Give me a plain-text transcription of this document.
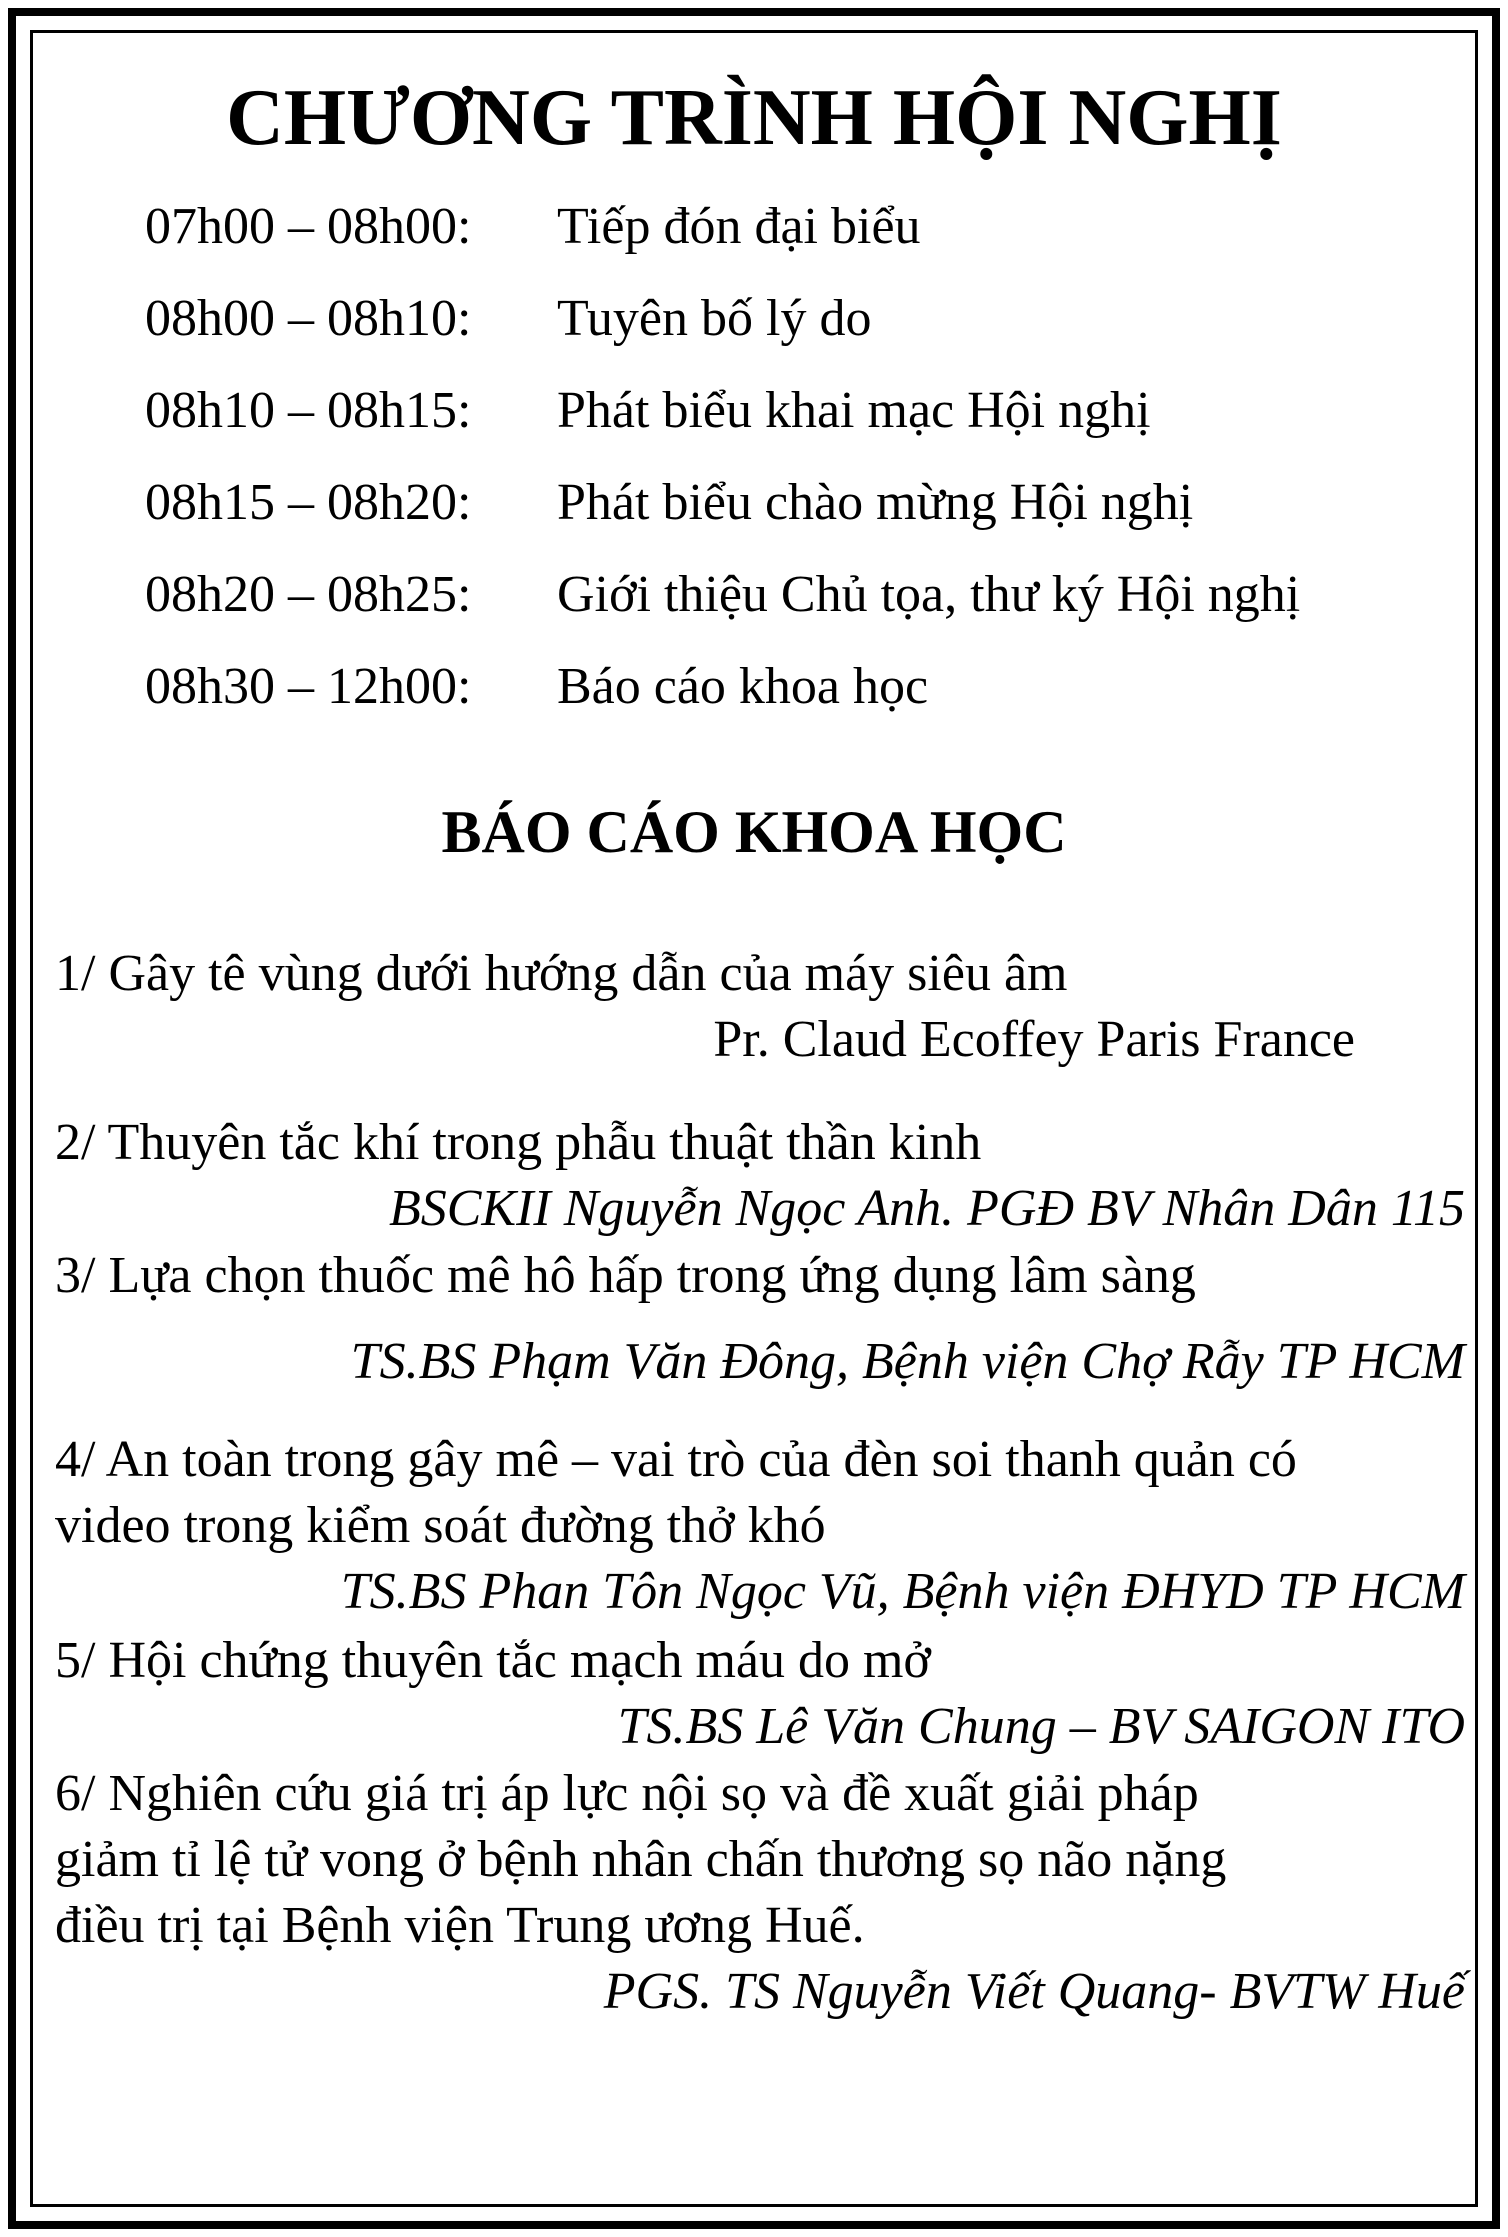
CHƯƠNG TRÌNH HỘI NGHỊ
07h00 – 08h00:	Tiếp đón đại biểu
08h00 – 08h10:	Tuyên bố lý do
08h10 – 08h15:	Phát biểu khai mạc Hội nghị
08h15 – 08h20:	Phát biểu chào mừng Hội nghị
08h20 – 08h25:	Giới thiệu Chủ tọa, thư ký Hội nghị
08h30 – 12h00:	Báo cáo khoa học
BÁO CÁO KHOA HỌC
1/ Gây tê vùng dưới hướng dẫn của máy siêu âm
Pr. Claud Ecoffey Paris France
2/ Thuyên tắc khí trong phẫu thuật thần kinh
BSCKII Nguyễn Ngọc Anh. PGĐ BV Nhân Dân 115
3/ Lựa chọn thuốc mê hô hấp trong ứng dụng lâm sàng
TS.BS Phạm Văn Đông, Bệnh viện Chợ Rẫy TP HCM
4/ An toàn trong gây mê – vai trò của đèn soi thanh quản có
video trong kiểm soát đường thở khó
TS.BS Phan Tôn Ngọc Vũ, Bệnh viện ĐHYD TP HCM
5/ Hội chứng thuyên tắc mạch máu do mở
TS.BS Lê Văn Chung – BV SAIGON ITO
6/ Nghiên cứu giá trị áp lực nội sọ và đề xuất giải pháp
giảm tỉ lệ tử vong ở bệnh nhân chấn thương sọ não nặng
điều trị tại Bệnh viện Trung ương Huế.
PGS. TS Nguyễn Viết Quang- BVTW Huế
